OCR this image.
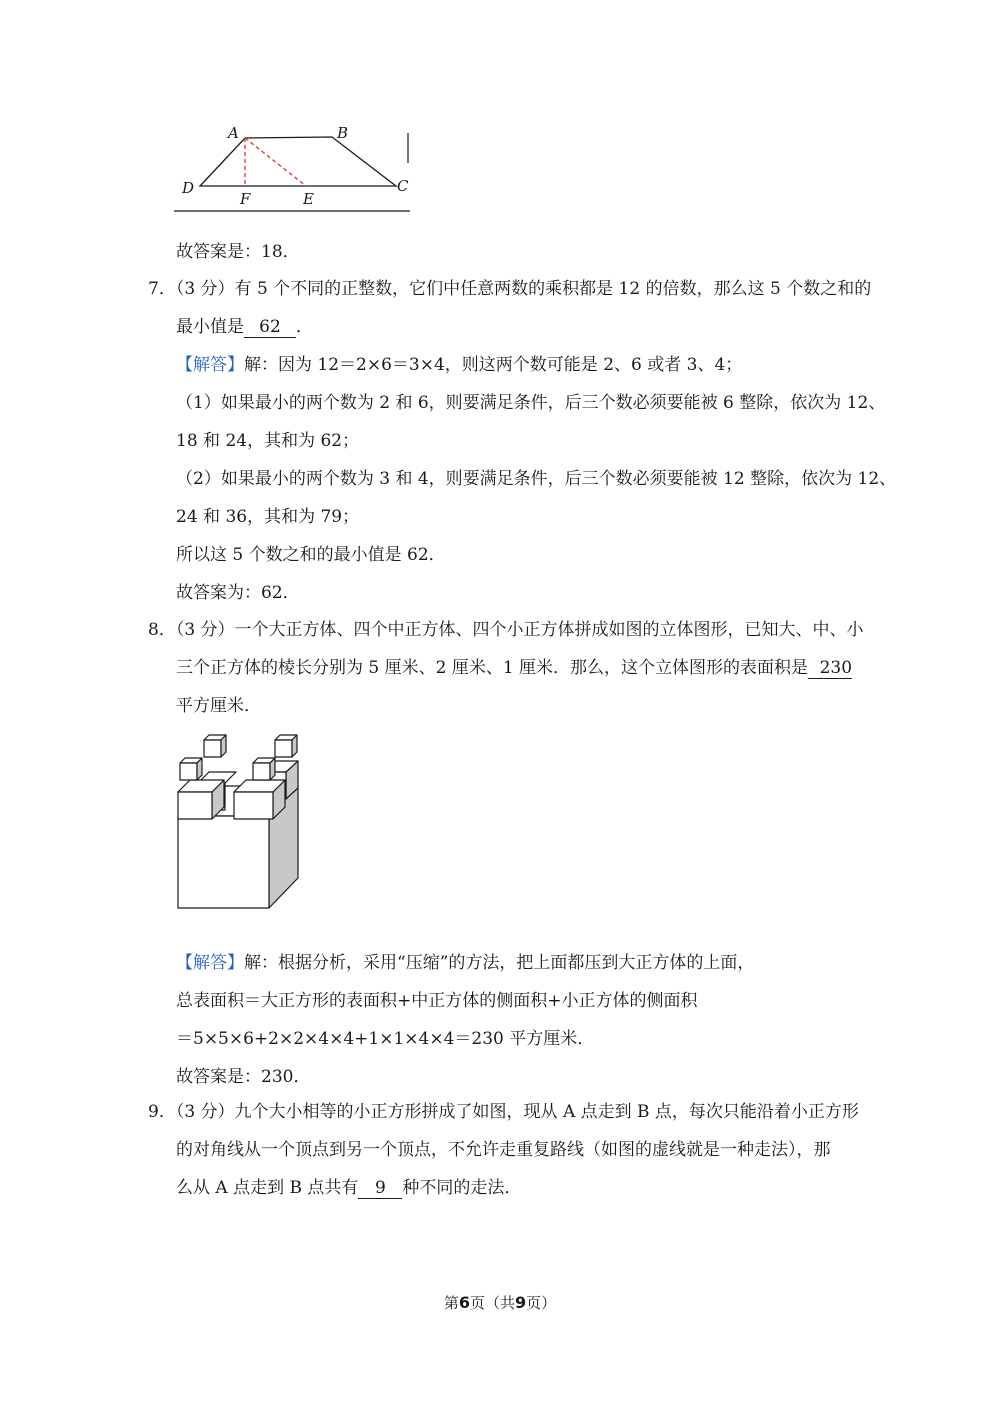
A	B
C
D
F	E
故答案是：18．
7．（3 分）有 5 个不同的正整数，它们中任意两数的乘积都是 12 的倍数，那么这 5 个数之和的
最小值是 62 ．
【解答】解：因为 12＝2×6＝3×4，则这两个数可能是 2、6 或者 3、4；
（1）如果最小的两个数为 2 和 6，则要满足条件，后三个数必须要能被 6 整除，依次为 12、
18 和 24，其和为 62；
（2）如果最小的两个数为 3 和 4，则要满足条件，后三个数必须要能被 12 整除，依次为 12、
24 和 36，其和为 79；
所以这 5 个数之和的最小值是 62．
故答案为：62．
8．（3 分）一个大正方体、四个中正方体、四个小正方体拼成如图的立体图形，已知大、中、小
三个正方体的棱长分别为 5 厘米、2 厘米、1 厘米．那么，这个立体图形的表面积是 230
平方厘米．
【解答】解：根据分析，采用“压缩”的方法，把上面都压到大正方体的上面，
总表面积＝大正方形的表面积+中正方体的侧面积+小正方体的侧面积
＝5×5×6+2×2×4×4+1×1×4×4＝230 平方厘米．
故答案是：230．
9．（3 分）九个大小相等的小正方形拼成了如图，现从 A 点走到 B 点，每次只能沿着小正方形
的对角线从一个顶点到另一个顶点，不允许走重复路线（如图的虚线就是一种走法），那
么从 A 点走到 B 点共有 9 种不同的走法．
第6页（共9页）
